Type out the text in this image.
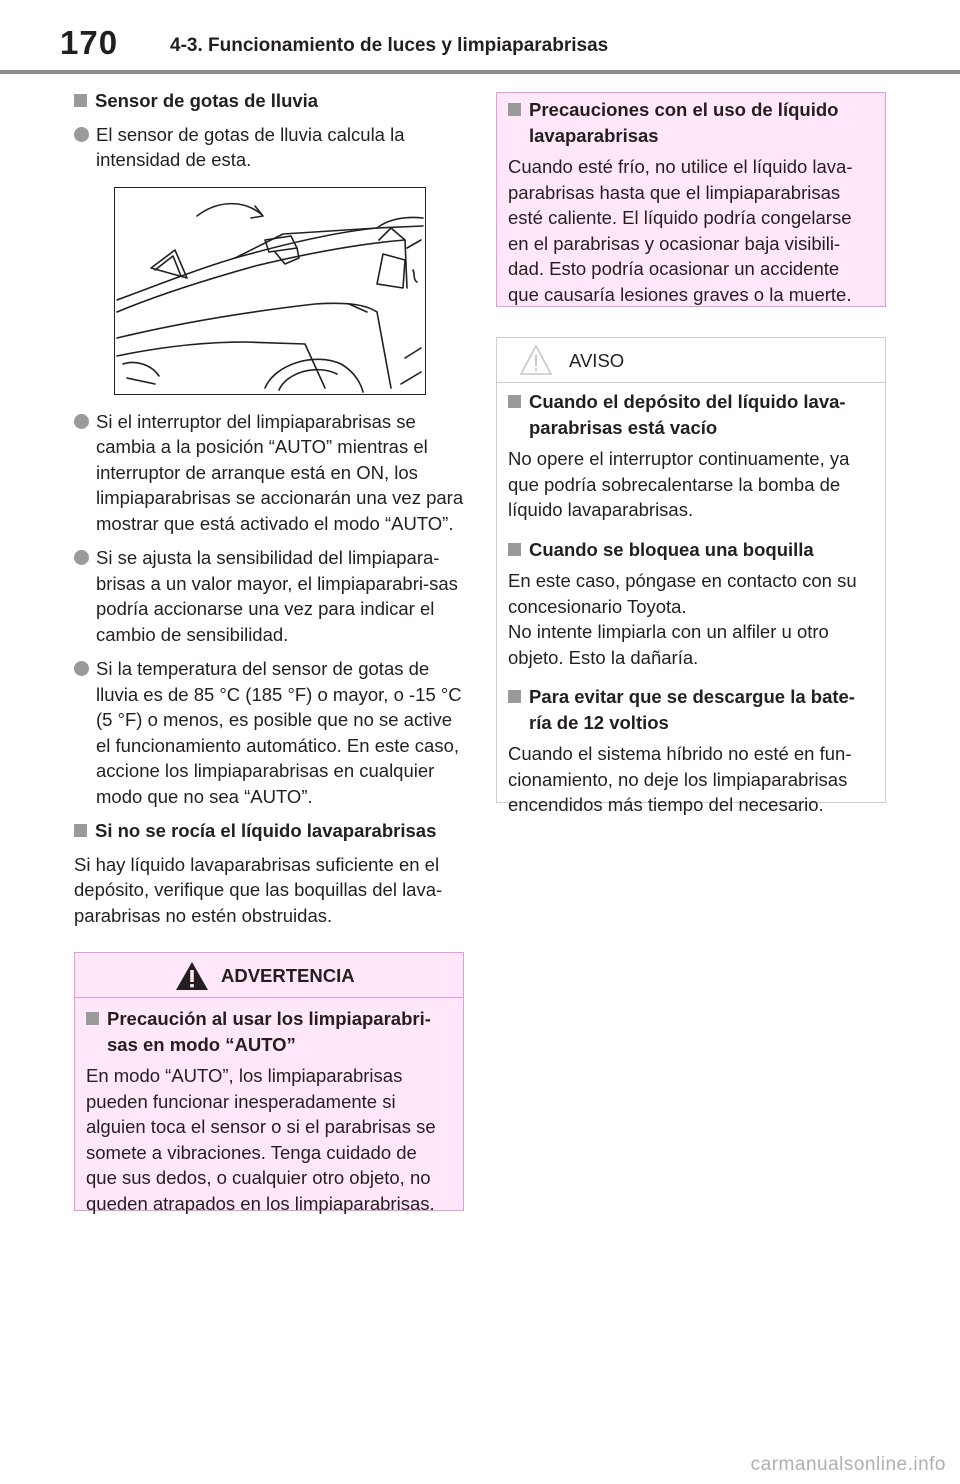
170	4-3. Funcionamiento de luces y limpiaparabrisas
Sensor de gotas de lluvia
El sensor de gotas de lluvia calcula la intensidad de esta.
Si el interruptor del limpiaparabrisas se cambia a la posición “AUTO” mientras el interruptor de arranque está en ON, los limpiaparabrisas se accionarán una vez para mostrar que está activado el modo “AUTO”.
Si se ajusta la sensibilidad del limpiapara-brisas a un valor mayor, el limpiaparabri-sas podría accionarse una vez para indicar el cambio de sensibilidad.
Si la temperatura del sensor de gotas de lluvia es de 85 °C (185 °F) o mayor, o -15 °C (5 °F) o menos, es posible que no se active el funcionamiento automático. En este caso, accione los limpiaparabrisas en cualquier modo que no sea “AUTO”.
Si no se rocía el líquido lavaparabrisas
Si hay líquido lavaparabrisas suficiente en el depósito, verifique que las boquillas del lava-parabrisas no estén obstruidas.
ADVERTENCIA
Precaución al usar los limpiaparabri-sas en modo “AUTO”
En modo “AUTO”, los limpiaparabrisas pueden funcionar inesperadamente si alguien toca el sensor o si el parabrisas se somete a vibraciones. Tenga cuidado de que sus dedos, o cualquier otro objeto, no queden atrapados en los limpiaparabrisas.
Precauciones con el uso de líquido lavaparabrisas
Cuando esté frío, no utilice el líquido lava-parabrisas hasta que el limpiaparabrisas esté caliente. El líquido podría congelarse en el parabrisas y ocasionar baja visibili-dad. Esto podría ocasionar un accidente que causaría lesiones graves o la muerte.
AVISO
Cuando el depósito del líquido lava-parabrisas está vacío
No opere el interruptor continuamente, ya que podría sobrecalentarse la bomba de líquido lavaparabrisas.
Cuando se bloquea una boquilla
En este caso, póngase en contacto con su concesionario Toyota.
No intente limpiarla con un alfiler u otro objeto. Esto la dañaría.
Para evitar que se descargue la bate-ría de 12 voltios
Cuando el sistema híbrido no esté en fun-cionamiento, no deje los limpiaparabrisas encendidos más tiempo del necesario.
carmanualsonline.info
